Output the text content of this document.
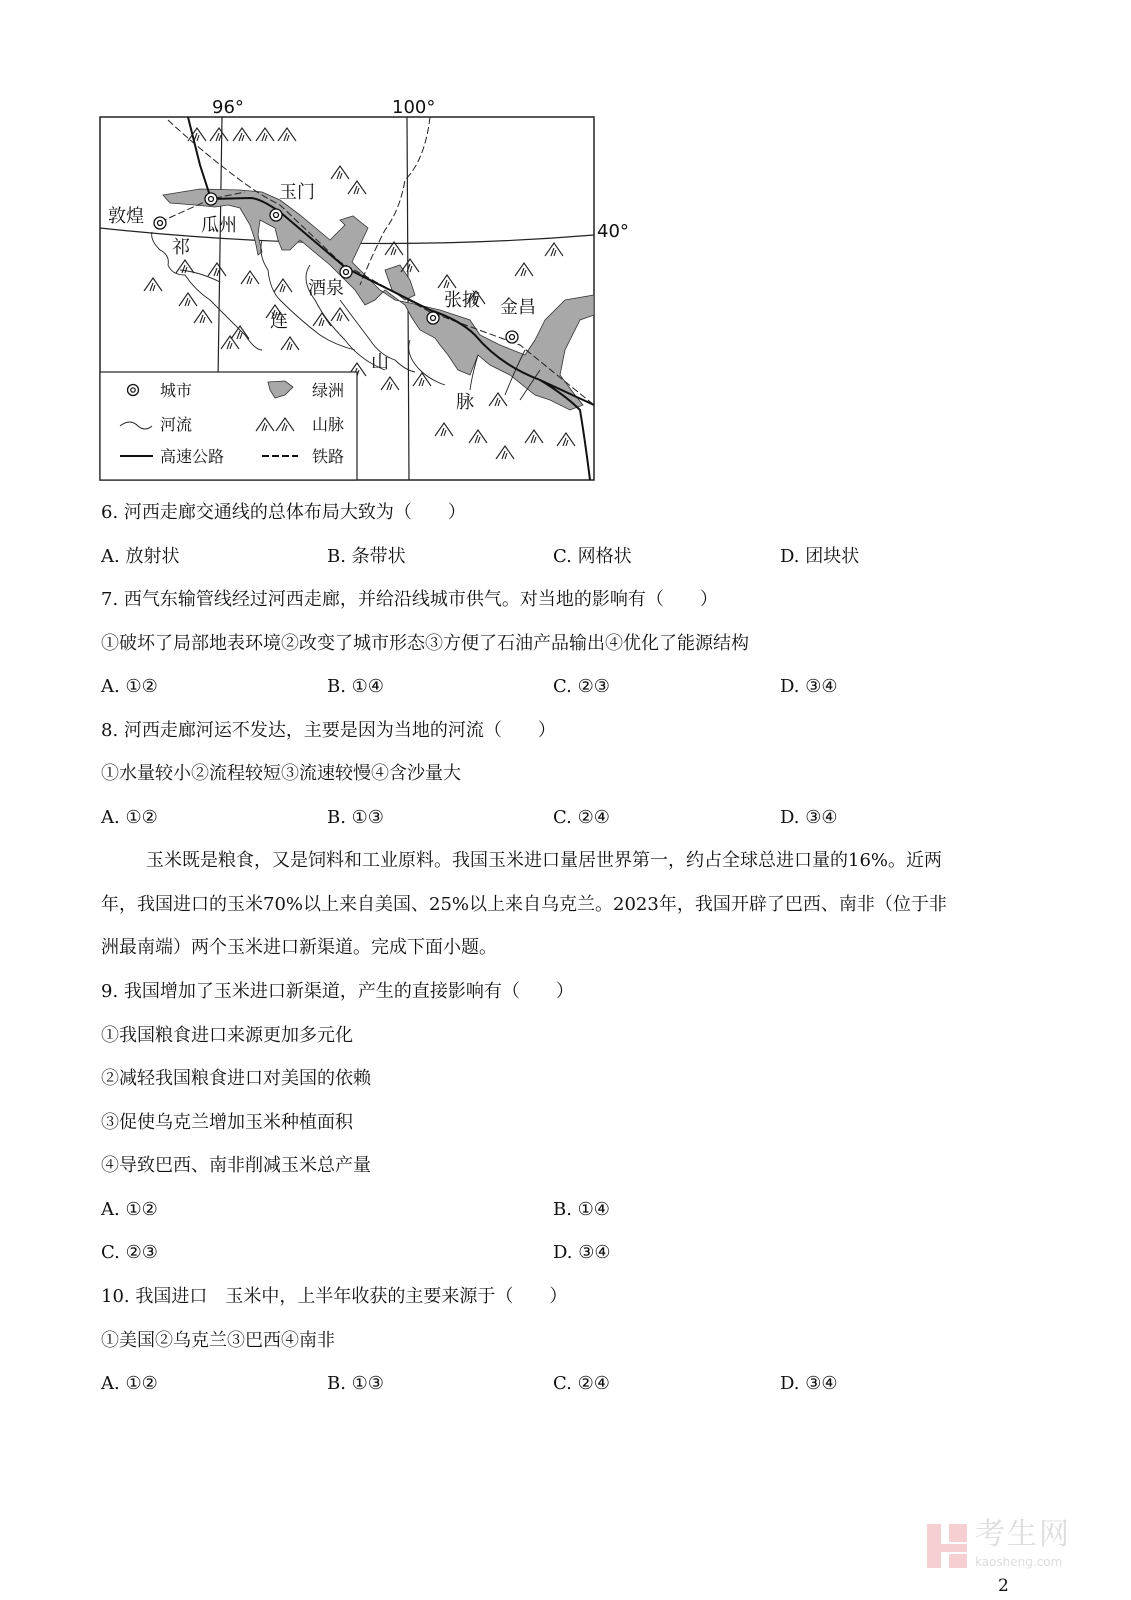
96°	100°
40°
敦煌	瓜州
玉门
酒泉
张掖 金昌
祁
连
山
脉
城市	绿洲
河流	山脉
高速公路	铁路
6. 河西走廊交通线的总体布局大致为（　　）
A. 放射状	B. 条带状	C. 网格状	D. 团块状
7. 西气东输管线经过河西走廊，并给沿线城市供气。对当地的影响有（　　）
①破坏了局部地表环境②改变了城市形态③方便了石油产品输出④优化了能源结构
A. ①②	B. ①④	C. ②③	D. ③④
8. 河西走廊河运不发达，主要是因为当地的河流（　　）
①水量较小②流程较短③流速较慢④含沙量大
A. ①②	B. ①③	C. ②④	D. ③④
玉米既是粮食，又是饲料和工业原料。我国玉米进口量居世界第一，约占全球总进口量的16%。近两
年，我国进口的玉米70%以上来自美国、25%以上来自乌克兰。2023年，我国开辟了巴西、南非（位于非
洲最南端）两个玉米进口新渠道。完成下面小题。
9. 我国增加了玉米进口新渠道，产生的直接影响有（　　）
①我国粮食进口来源更加多元化
②减轻我国粮食进口对美国的依赖
③促使乌克兰增加玉米种植面积
④导致巴西、南非削减玉米总产量
A. ①②	B. ①④
C. ②③	D. ③④
10. 我国进口　玉米中，上半年收获的主要来源于（　　）
①美国②乌克兰③巴西④南非
A. ①②	B. ①③	C. ②④	D. ③④
考生网
kaosheng.com
2
